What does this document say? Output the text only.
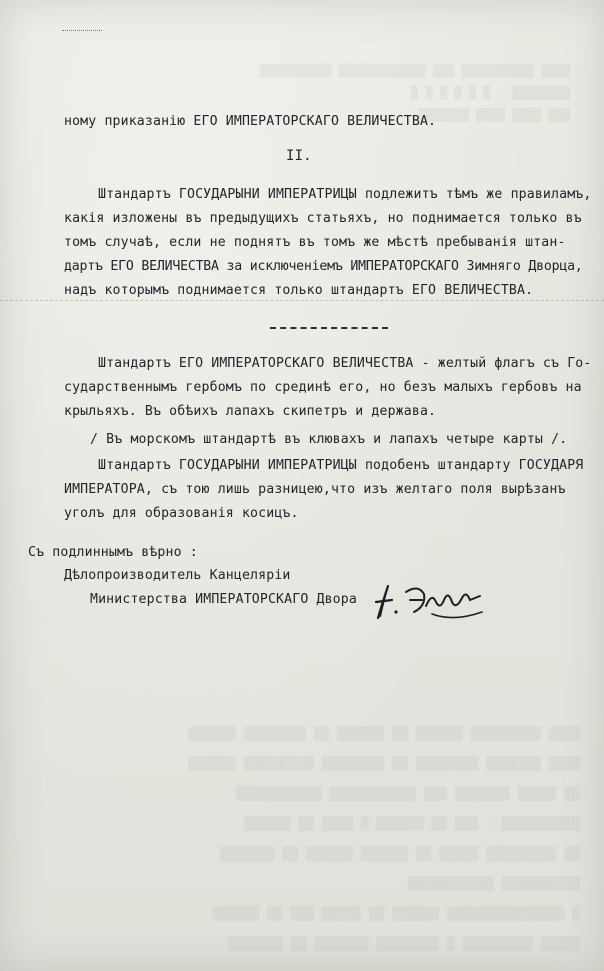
▒▒▒▒ ▒▒▒▒▒▒▒▒▒▒ ▒▒▒ ▒▒▒▒▒▒▒▒▒▒▒▒ ▒▒▒▒▒▒▒▒▒▒
▒▒▒▒▒▒▒▒ : ▒ ▒ ▒ ▒ ▒ ▒
▒▒▒ ▒▒▒▒ ▒▒▒▒ ▒▒▒▒▒▒▒
▒▒▒▒ ▒▒▒▒▒▒▒▒▒ ▒▒▒▒▒▒ ▒▒ ▒▒▒▒▒▒ ▒▒ ▒▒▒▒▒▒▒▒ ▒▒▒▒▒▒
▒▒▒▒ ▒▒▒▒▒▒▒ ▒▒▒▒▒▒▒▒ ▒▒ ▒▒▒▒▒▒▒▒ ▒▒▒▒▒▒▒▒▒ ▒▒▒▒▒▒
▒▒ ▒▒▒▒▒ ▒▒▒▒▒▒▒ ▒▒▒ ▒▒▒▒▒▒▒▒▒▒▒ ▒▒▒▒▒▒▒▒▒▒▒
▒▒▒▒▒▒▒▒▒▒ : ▒▒▒ ▒▒ ▒▒▒▒▒▒ ▒ ▒▒▒▒ ▒▒ ▒▒▒▒▒▒
▒▒ ▒▒▒▒▒▒▒▒▒ ▒▒▒▒▒ ▒▒ ▒▒▒▒▒▒ ▒▒▒▒▒▒ ▒▒ ▒▒▒▒▒▒▒
▒▒▒▒▒▒▒▒▒▒ ▒▒▒▒▒▒▒▒▒▒▒
▒ ▒▒▒▒▒▒▒▒▒▒▒▒▒▒▒ ▒▒▒▒▒▒ ▒▒ ▒▒▒▒▒ ▒▒▒ ▒▒ ▒▒▒▒▒▒
▒▒▒▒▒ ▒▒▒▒▒▒▒▒▒ ▒ ▒▒▒▒▒▒▒▒ ▒▒▒▒▒▒▒ ▒▒ ▒▒▒▒▒▒▒
ному приказанію ЕГО ИМПЕРАТОРСКАГО ВЕЛИЧЕСТВА.
II.
Штандартъ ГОСУДАРЫНИ ИМПЕРАТРИЦЫ подлежитъ тѣмъ же правиламъ,
какія изложены въ предыдущихъ статьяхъ, но поднимается только въ
томъ случаѣ, если не поднятъ въ томъ же мѣстѣ пребыванія штан-
дартъ ЕГО ВЕЛИЧЕСТВА за исключеніемъ ИМПЕРАТОРСКАГО Зимняго Дворца,
надъ которымъ поднимается только штандартъ ЕГО ВЕЛИЧЕСТВА.
Штандартъ ЕГО ИМПЕРАТОРСКАГО ВЕЛИЧЕСТВА - желтый флагъ съ Го-
сударственнымъ гербомъ по срединѣ его, но безъ малыхъ гербовъ на
крыльяхъ. Въ обѣихъ лапахъ скипетръ и держава.
/ Въ морскомъ штандартѣ въ клювахъ и лапахъ четыре карты /.
Штандартъ ГОСУДАРЫНИ ИМПЕРАТРИЦЫ подобенъ штандарту ГОСУДАРЯ
ИМПЕРАТОРА, съ тою лишь разницею,что изъ желтаго поля вырѣзанъ
уголъ для образованія косицъ.
Съ подлиннымъ вѣрно :
Дѣлопроизводитель Канцеляріи
Министерства ИМПЕРАТОРСКАГО Двора
